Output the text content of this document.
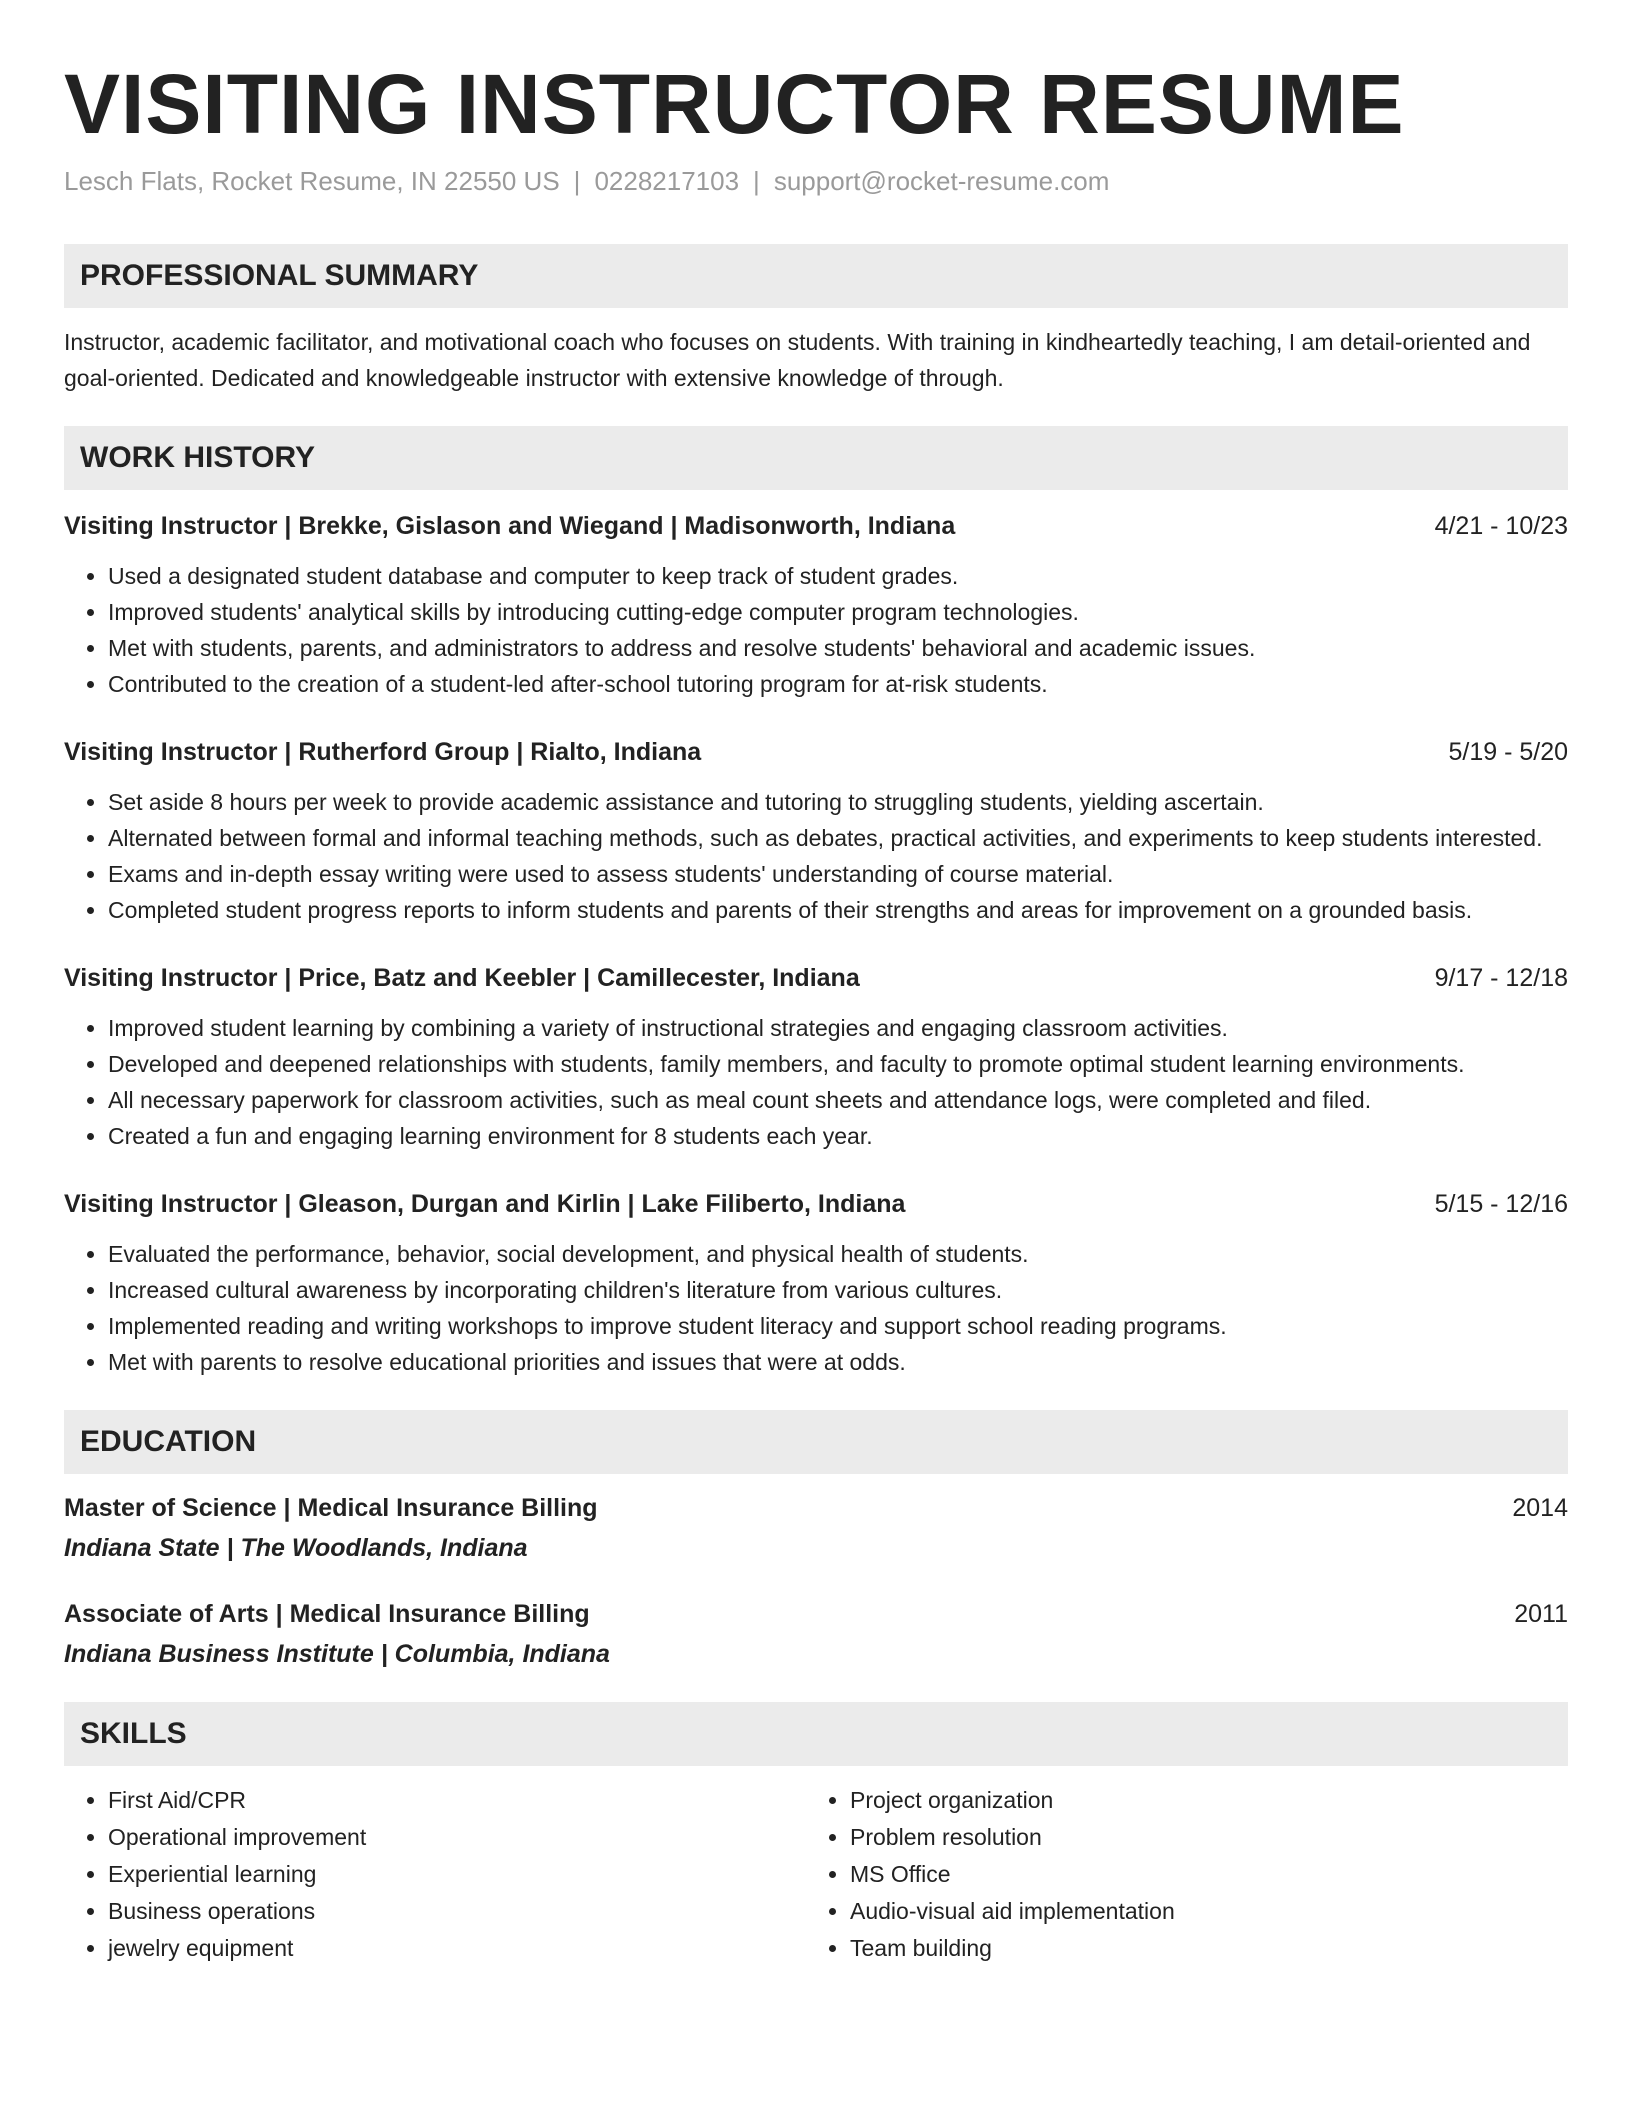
VISITING INSTRUCTOR RESUME
Lesch Flats, Rocket Resume, IN 22550 US | 0228217103 | support@rocket-resume.com
PROFESSIONAL SUMMARY
Instructor, academic facilitator, and motivational coach who focuses on students. With training in kindheartedly teaching, I am detail-oriented and goal-oriented. Dedicated and knowledgeable instructor with extensive knowledge of through.
WORK HISTORY
Visiting Instructor | Brekke, Gislason and Wiegand | Madisonworth, Indiana	4/21 - 10/23
• Used a designated student database and computer to keep track of student grades.
• Improved students' analytical skills by introducing cutting-edge computer program technologies.
• Met with students, parents, and administrators to address and resolve students' behavioral and academic issues.
• Contributed to the creation of a student-led after-school tutoring program for at-risk students.
Visiting Instructor | Rutherford Group | Rialto, Indiana	5/19 - 5/20
• Set aside 8 hours per week to provide academic assistance and tutoring to struggling students, yielding ascertain.
• Alternated between formal and informal teaching methods, such as debates, practical activities, and experiments to keep students interested.
• Exams and in-depth essay writing were used to assess students' understanding of course material.
• Completed student progress reports to inform students and parents of their strengths and areas for improvement on a grounded basis.
Visiting Instructor | Price, Batz and Keebler | Camillecester, Indiana	9/17 - 12/18
• Improved student learning by combining a variety of instructional strategies and engaging classroom activities.
• Developed and deepened relationships with students, family members, and faculty to promote optimal student learning environments.
• All necessary paperwork for classroom activities, such as meal count sheets and attendance logs, were completed and filed.
• Created a fun and engaging learning environment for 8 students each year.
Visiting Instructor | Gleason, Durgan and Kirlin | Lake Filiberto, Indiana	5/15 - 12/16
• Evaluated the performance, behavior, social development, and physical health of students.
• Increased cultural awareness by incorporating children's literature from various cultures.
• Implemented reading and writing workshops to improve student literacy and support school reading programs.
• Met with parents to resolve educational priorities and issues that were at odds.
EDUCATION
Master of Science | Medical Insurance Billing	2014
Indiana State | The Woodlands, Indiana
Associate of Arts | Medical Insurance Billing	2011
Indiana Business Institute | Columbia, Indiana
SKILLS
• First Aid/CPR
• Operational improvement
• Experiential learning
• Business operations
• jewelry equipment
• Project organization
• Problem resolution
• MS Office
• Audio-visual aid implementation
• Team building
